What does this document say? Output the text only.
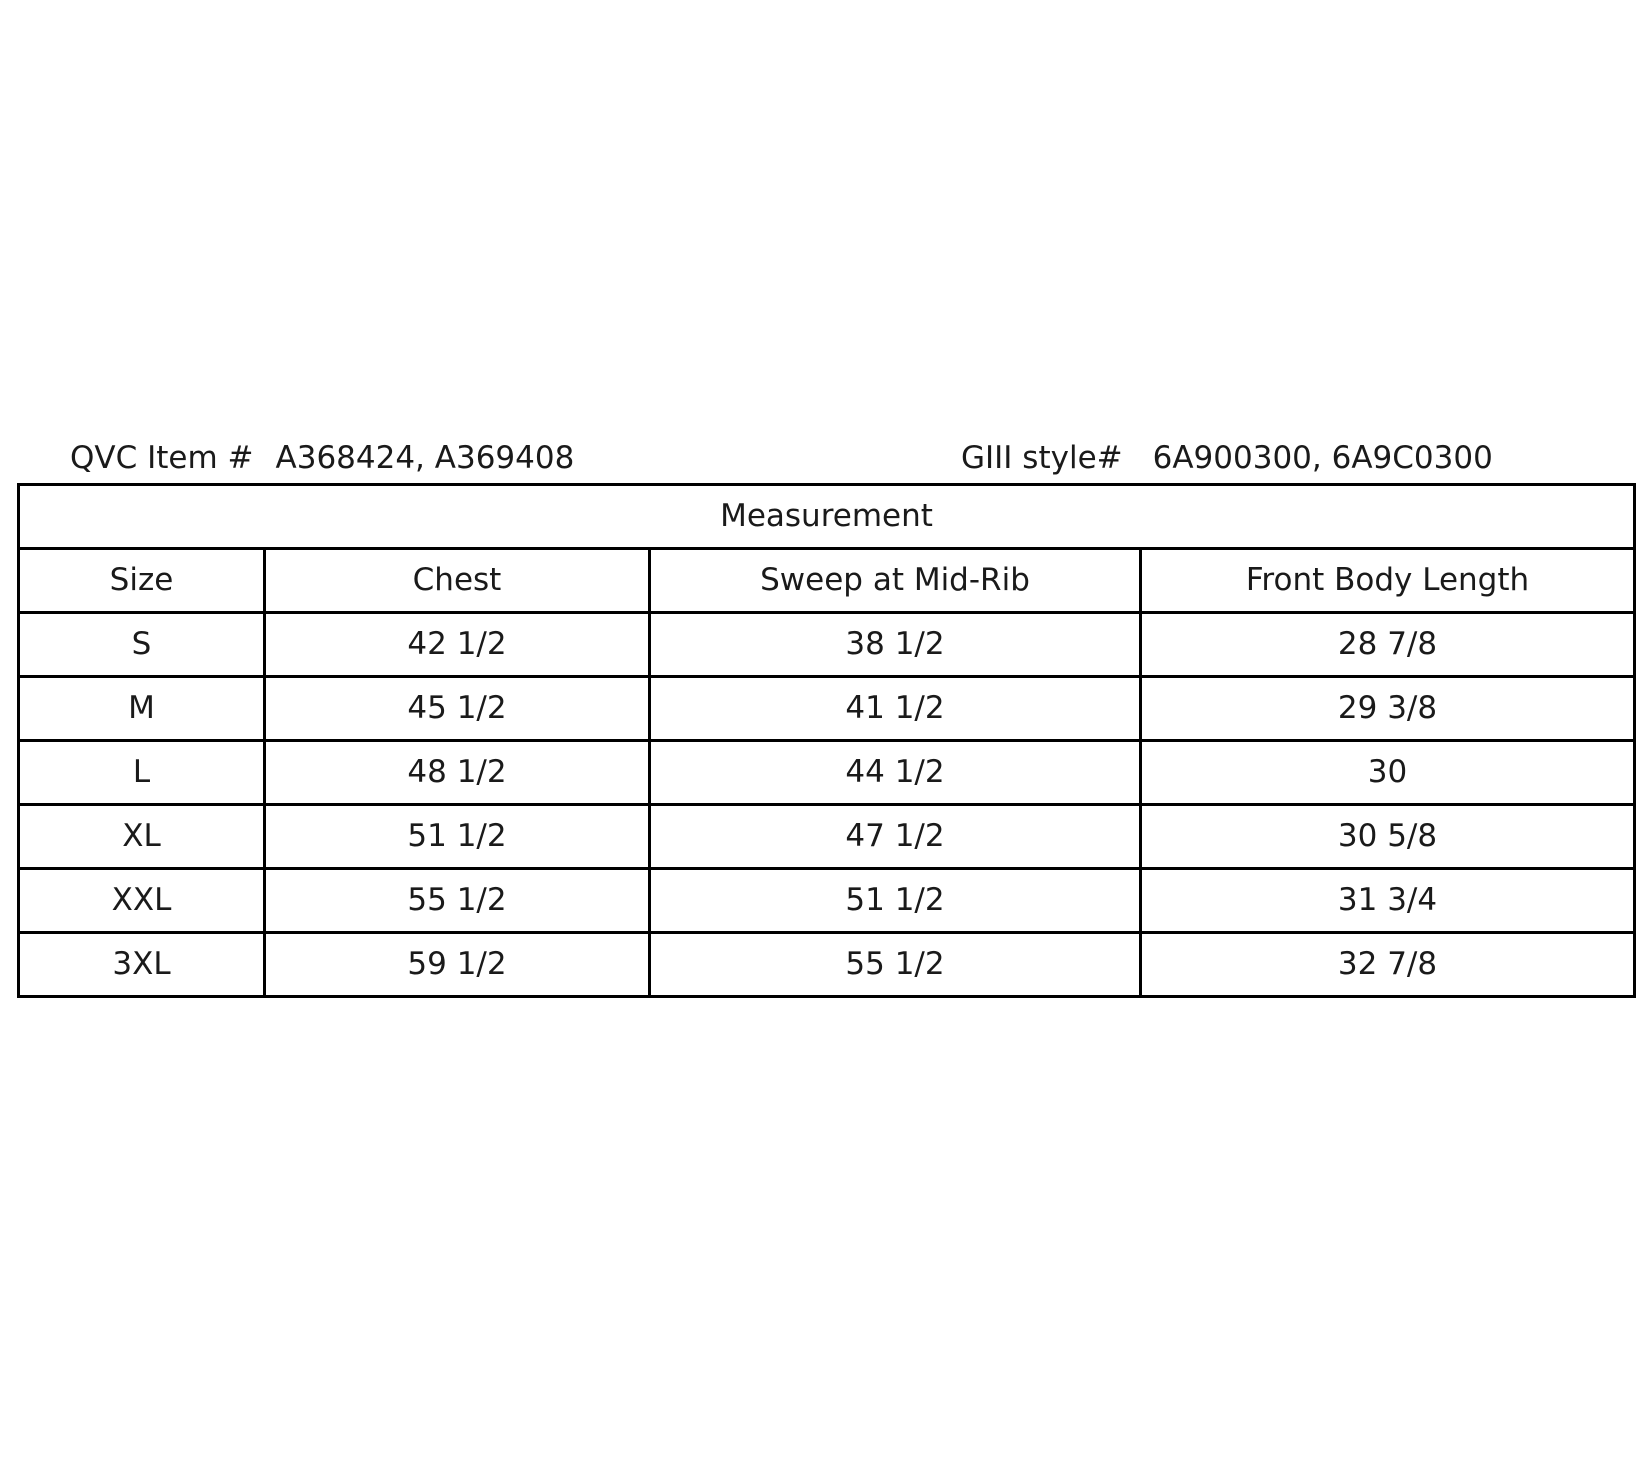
QVC Item # A368424, A369408	GIII style# 6A900300, 6A9C0300
Measurement			
Size	Chest	Sweep at Mid-Rib	Front Body Length
S	42 1/2	38 1/2	28 7/8
M	45 1/2	41 1/2	29 3/8
L	48 1/2	44 1/2	30
XL	51 1/2	47 1/2	30 5/8
XXL	55 1/2	51 1/2	31 3/4
3XL	59 1/2	55 1/2	32 7/8
